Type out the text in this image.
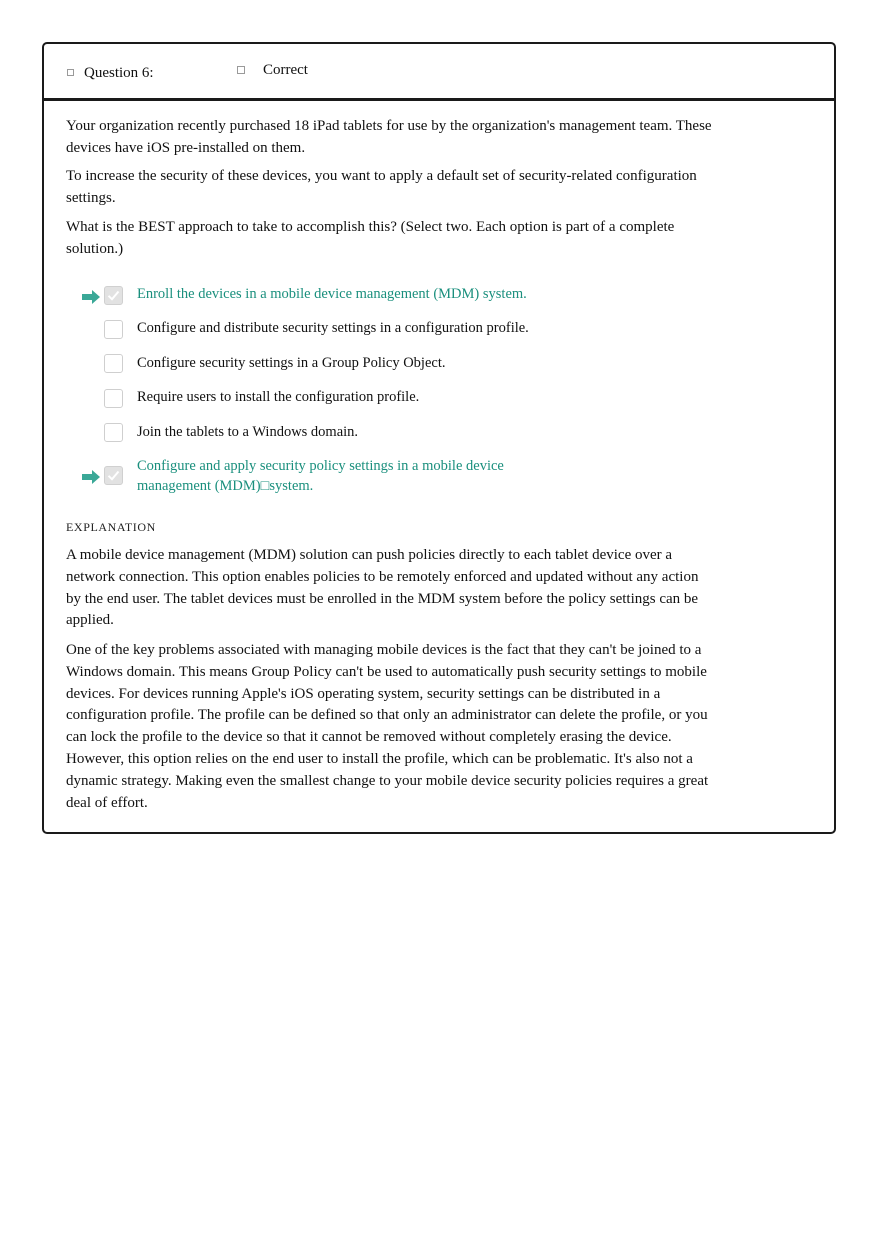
Question 6:	Correct

Your organization recently purchased 18 iPad tablets for use by the organization's management team. These devices have iOS pre-installed on them.

To increase the security of these devices, you want to apply a default set of security-related configuration settings.

What is the BEST approach to take to accomplish this? (Select two. Each option is part of a complete solution.)

Enroll the devices in a mobile device management (MDM) system.
Configure and distribute security settings in a configuration profile.
Configure security settings in a Group Policy Object.
Require users to install the configuration profile.
Join the tablets to a Windows domain.
Configure and apply security policy settings in a mobile device management (MDM)□system.
EXPLANATION

A mobile device management (MDM) solution can push policies directly to each tablet device over a network connection. This option enables policies to be remotely enforced and updated without any action by the end user. The tablet devices must be enrolled in the MDM system before the policy settings can be applied.

One of the key problems associated with managing mobile devices is the fact that they can't be joined to a Windows domain. This means Group Policy can't be used to automatically push security settings to mobile devices. For devices running Apple's iOS operating system, security settings can be distributed in a configuration profile. The profile can be defined so that only an administrator can delete the profile, or you can lock the profile to the device so that it cannot be removed without completely erasing the device. However, this option relies on the end user to install the profile, which can be problematic. It's also not a dynamic strategy. Making even the smallest change to your mobile device security policies requires a great deal of effort.
